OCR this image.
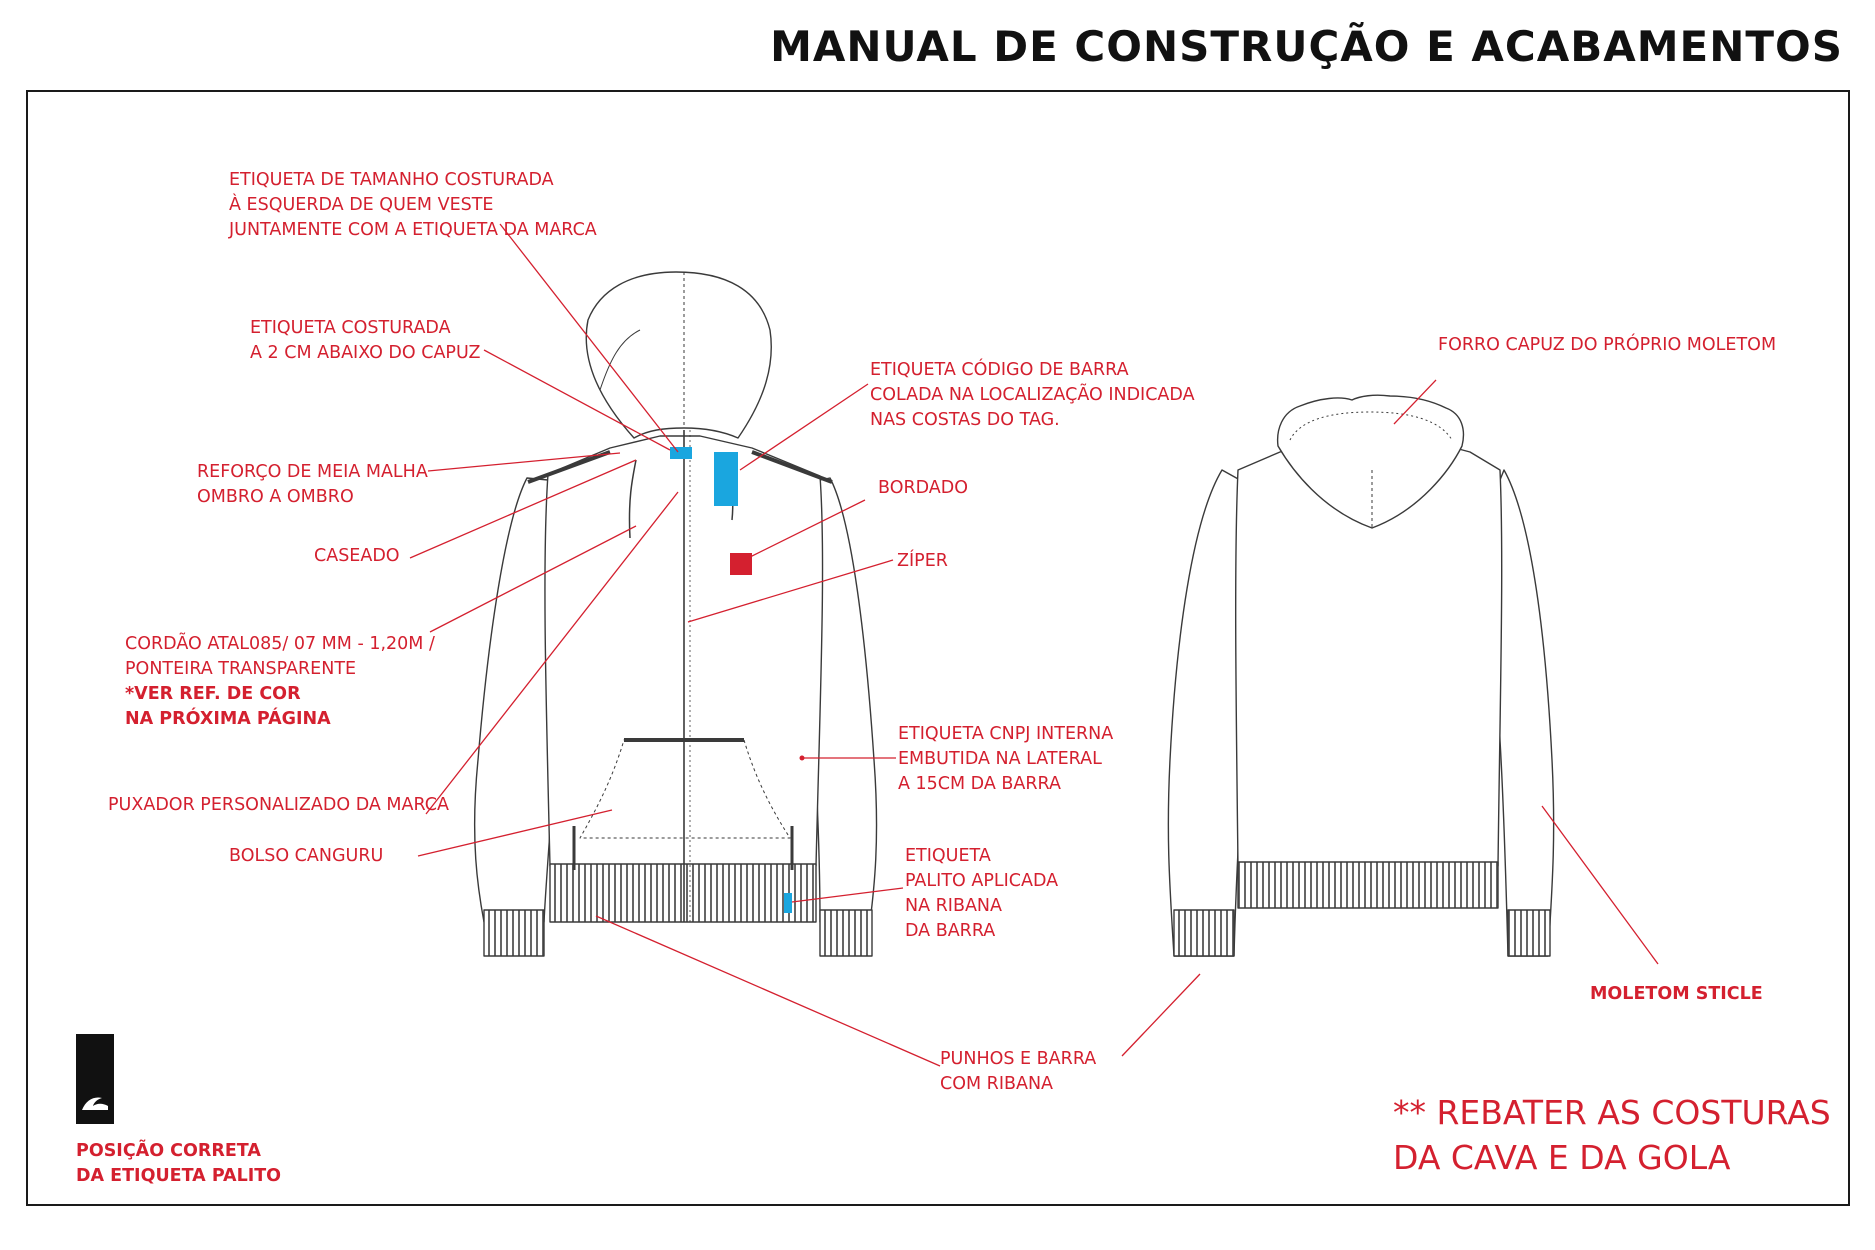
MANUAL DE CONSTRUÇÃO E ACABAMENTOS
ETIQUETA DE TAMANHO COSTURADA
À ESQUERDA DE QUEM VESTE
JUNTAMENTE COM A ETIQUETA DA MARCA
ETIQUETA COSTURADA
A 2 CM ABAIXO DO CAPUZ
REFORÇO DE MEIA MALHA
OMBRO A OMBRO
CASEADO
CORDÃO ATAL085/ 07 MM - 1,20M /
PONTEIRA TRANSPARENTE
*VER REF. DE COR
NA PRÓXIMA PÁGINA
PUXADOR PERSONALIZADO DA MARCA
BOLSO CANGURU
ETIQUETA CÓDIGO DE BARRA
COLADA NA LOCALIZAÇÃO INDICADA
NAS COSTAS DO TAG.
BORDADO
ZÍPER
ETIQUETA CNPJ INTERNA
EMBUTIDA NA LATERAL
A 15CM DA BARRA
ETIQUETA
PALITO APLICADA
NA RIBANA
DA BARRA
PUNHOS E BARRA
COM RIBANA
FORRO CAPUZ DO PRÓPRIO MOLETOM
MOLETOM STICLE
** REBATER AS COSTURAS
DA CAVA E DA GOLA
POSIÇÃO CORRETA
DA ETIQUETA PALITO
